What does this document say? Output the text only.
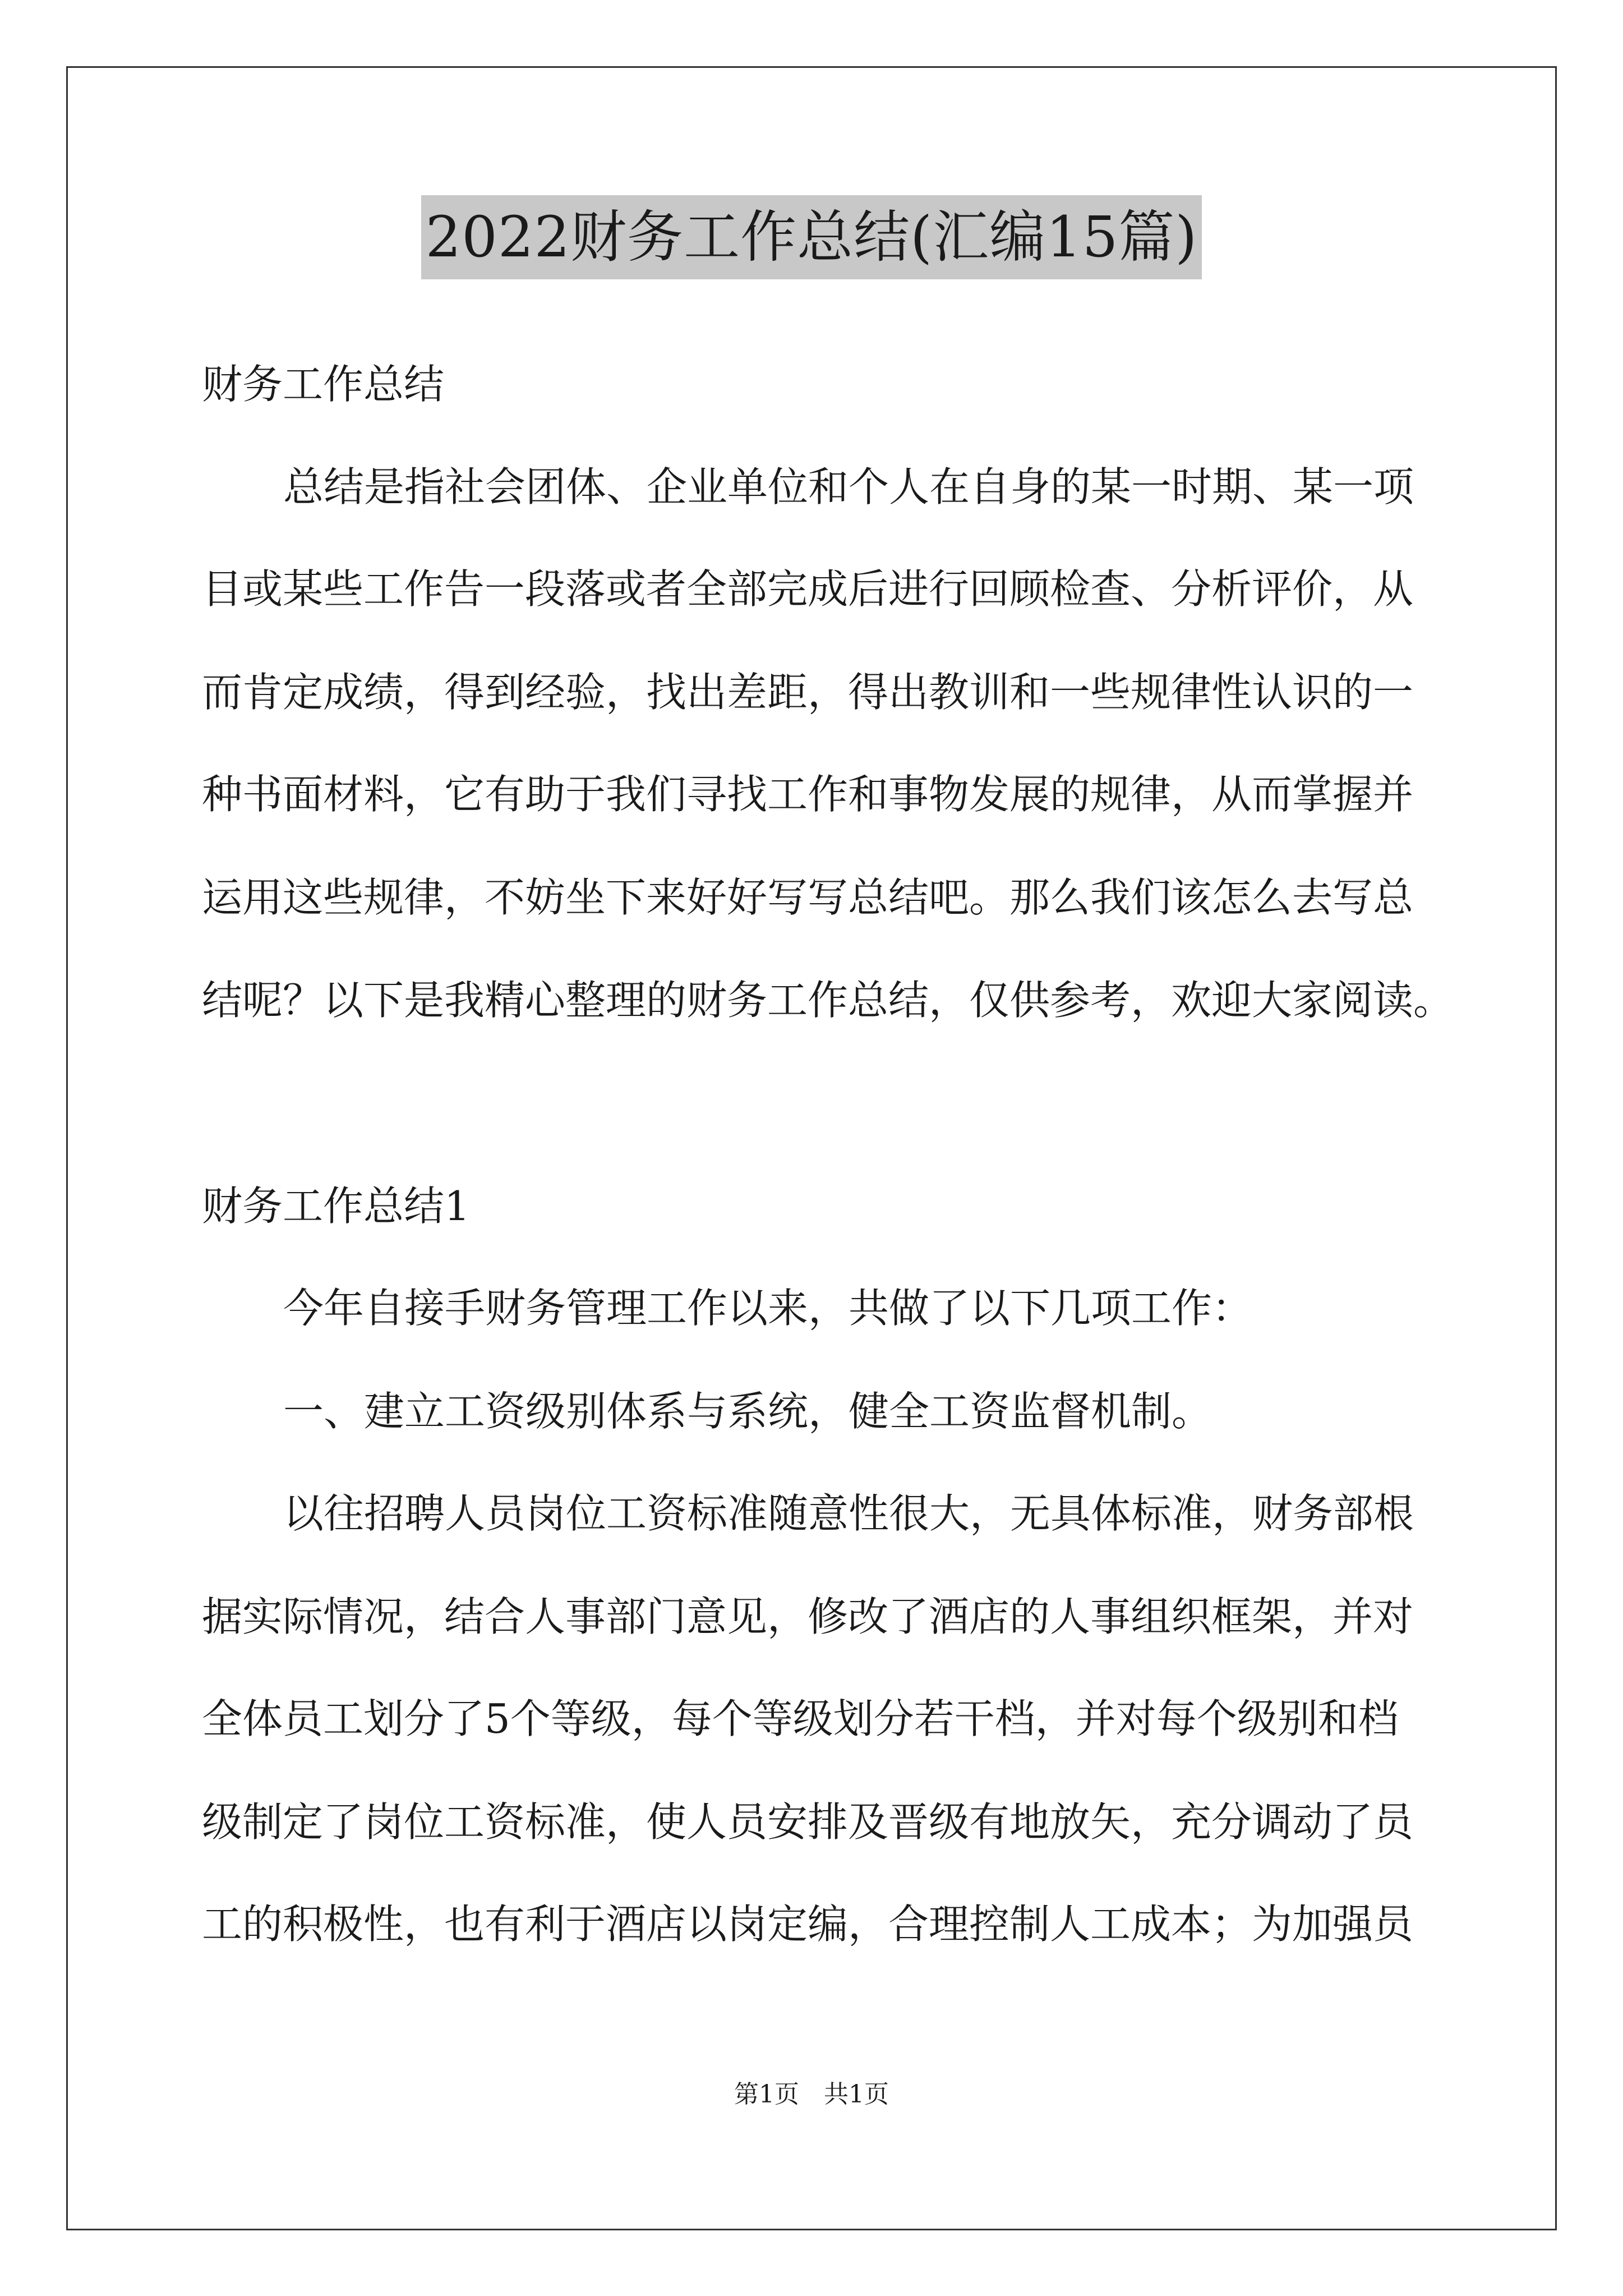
2022财务工作总结(汇编15篇)
财务工作总结
总结是指社会团体、企业单位和个人在自身的某一时期、某一项
目或某些工作告一段落或者全部完成后进行回顾检查、分析评价，从
而肯定成绩，得到经验，找出差距，得出教训和一些规律性认识的一
种书面材料，它有助于我们寻找工作和事物发展的规律，从而掌握并
运用这些规律，不妨坐下来好好写写总结吧。那么我们该怎么去写总
结呢？以下是我精心整理的财务工作总结，仅供参考，欢迎大家阅读。
财务工作总结1
今年自接手财务管理工作以来，共做了以下几项工作：
一、建立工资级别体系与系统，健全工资监督机制。
以往招聘人员岗位工资标准随意性很大，无具体标准，财务部根
据实际情况，结合人事部门意见，修改了酒店的人事组织框架，并对
全体员工划分了5个等级，每个等级划分若干档，并对每个级别和档
级制定了岗位工资标准，使人员安排及晋级有地放矢，充分调动了员
工的积极性，也有利于酒店以岗定编，合理控制人工成本；为加强员
第1页　共1页
